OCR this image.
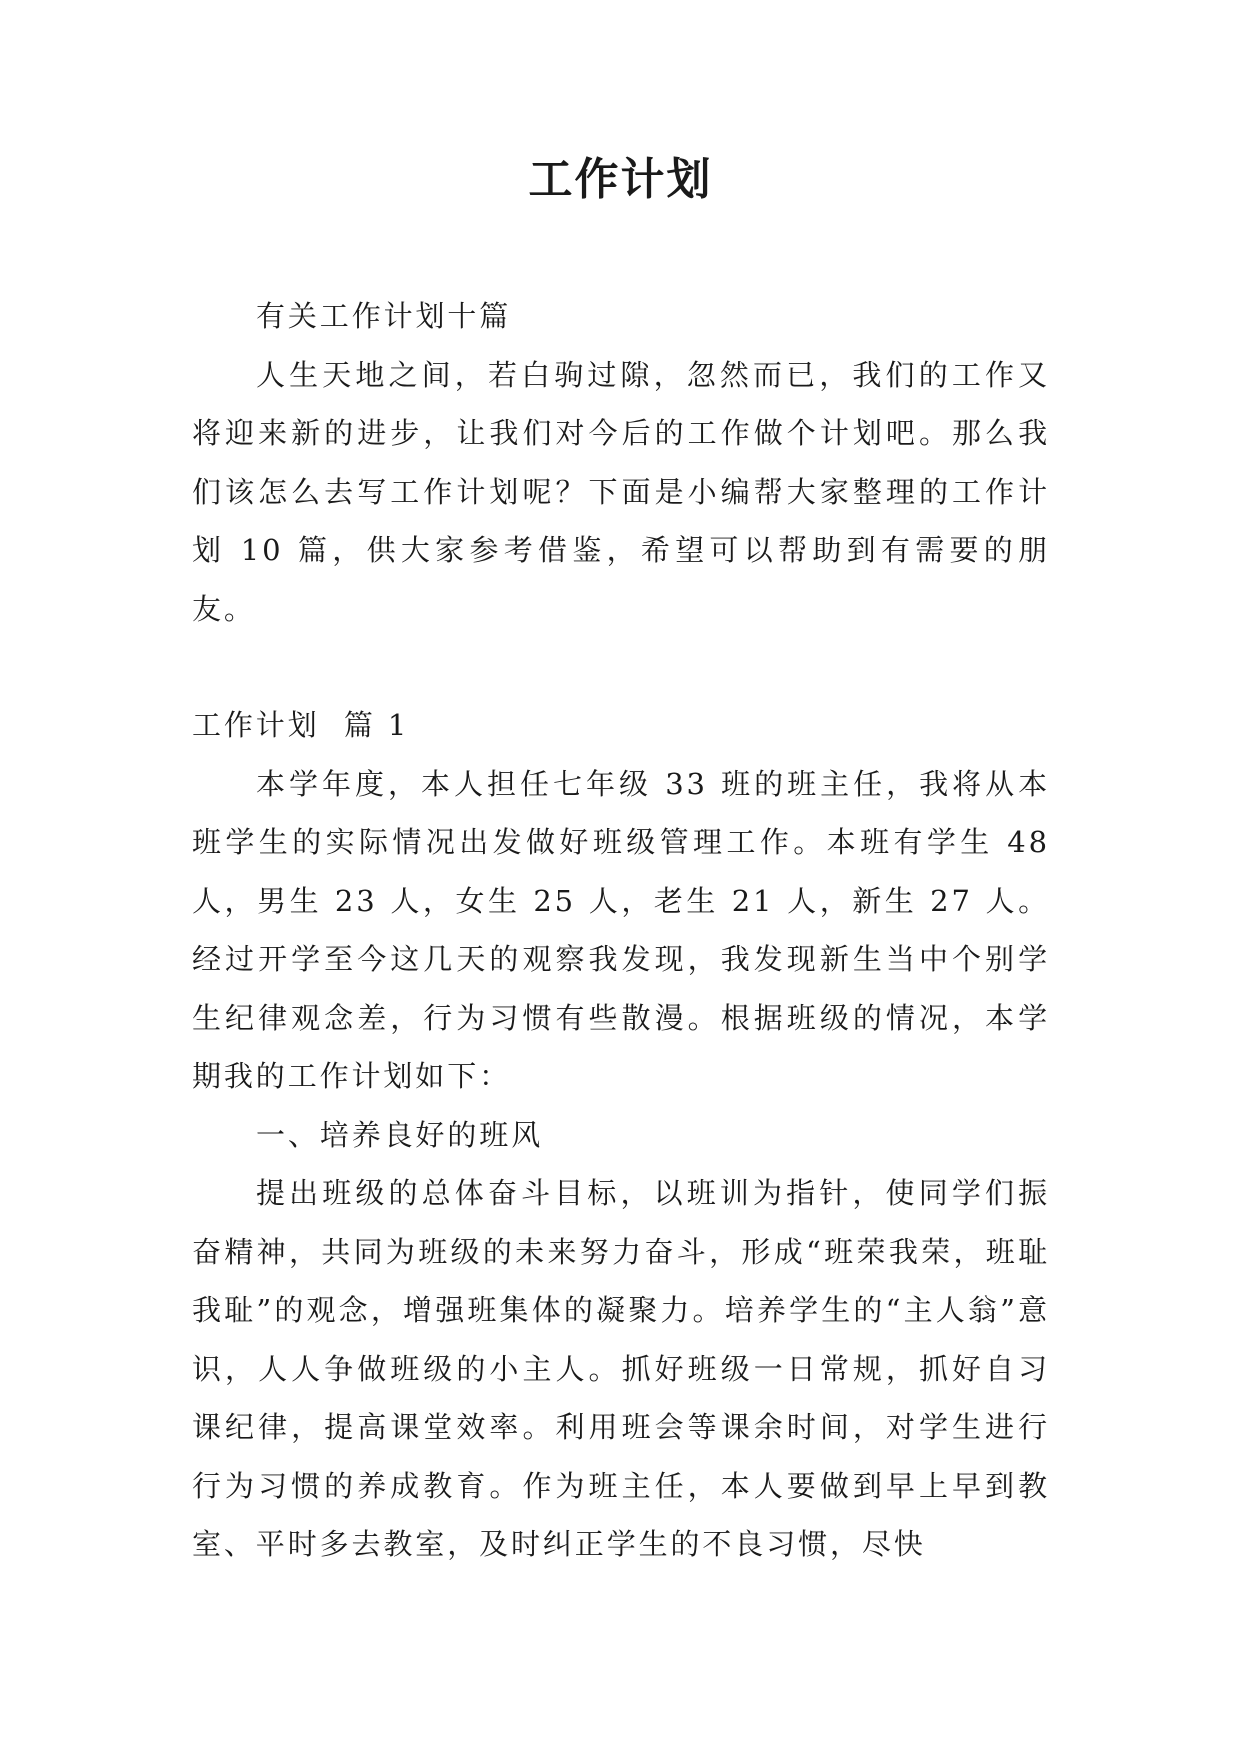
工作计划

有关工作计划十篇

人生天地之间，若白驹过隙，忽然而已，我们的工作又将迎来新的进步，让我们对今后的工作做个计划吧。那么我们该怎么去写工作计划呢？下面是小编帮大家整理的工作计划 10 篇，供大家参考借鉴，希望可以帮助到有需要的朋友。

工作计划  篇 1

本学年度，本人担任七年级 33 班的班主任，我将从本班学生的实际情况出发做好班级管理工作。本班有学生 48 人，男生 23 人，女生 25 人，老生 21 人，新生 27 人。经过开学至今这几天的观察我发现，我发现新生当中个别学生纪律观念差，行为习惯有些散漫。根据班级的情况，本学期我的工作计划如下：

一、培养良好的班风

提出班级的总体奋斗目标，以班训为指针，使同学们振奋精神，共同为班级的未来努力奋斗，形成“班荣我荣，班耻我耻”的观念，增强班集体的凝聚力。培养学生的“主人翁”意识，人人争做班级的小主人。抓好班级一日常规，抓好自习课纪律，提高课堂效率。利用班会等课余时间，对学生进行行为习惯的养成教育。作为班主任，本人要做到早上早到教室、平时多去教室，及时纠正学生的不良习惯，尽快
